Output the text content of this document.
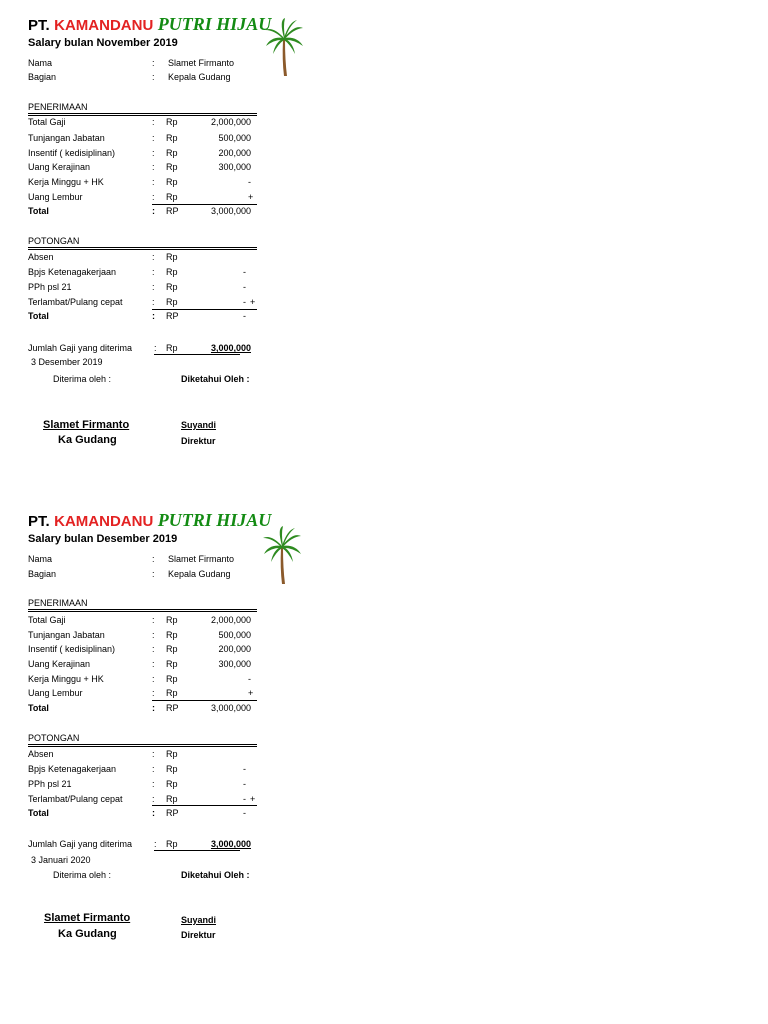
PT. KAMANDANU PUTRI HIJAU
Salary bulan November 2019
Nama	: Slamet Firmanto
Bagian	: Kepala Gudang
PENERIMAAN
Total Gaji	: Rp	2,000,000
Tunjangan Jabatan	: Rp	500,000
Insentif ( kedisiplinan)	: Rp	200,000
Uang Kerajinan	: Rp	300,000
Kerja Minggu + HK	: Rp	-
Uang Lembur	: Rp	+
Total	: RP	3,000,000
POTONGAN
Absen	: Rp
Bpjs Ketenagakerjaan	: Rp	-
PPh psl 21	: Rp	-
Terlambat/Pulang cepat	: Rp	- +
Total	: RP	-
Jumlah Gaji yang diterima : Rp	3,000,000
3 Desember 2019
Diterima oleh :	Diketahui Oleh :
Slamet Firmanto
Ka Gudang
Suyandi
Direktur
PT. KAMANDANU PUTRI HIJAU
Salary bulan Desember 2019
Nama	: Slamet Firmanto
Bagian	: Kepala Gudang
PENERIMAAN
Total Gaji	: Rp	2,000,000
Tunjangan Jabatan	: Rp	500,000
Insentif ( kedisiplinan)	: Rp	200,000
Uang Kerajinan	: Rp	300,000
Kerja Minggu + HK	: Rp	-
Uang Lembur	: Rp	+
Total	: RP	3,000,000
POTONGAN
Absen	: Rp
Bpjs Ketenagakerjaan	: Rp	-
PPh psl 21	: Rp	-
Terlambat/Pulang cepat	: Rp	- +
Total	: RP	-
Jumlah Gaji yang diterima : Rp	3,000,000
3 Januari 2020
Diterima oleh :	Diketahui Oleh :
Slamet Firmanto
Ka Gudang
Suyandi
Direktur
